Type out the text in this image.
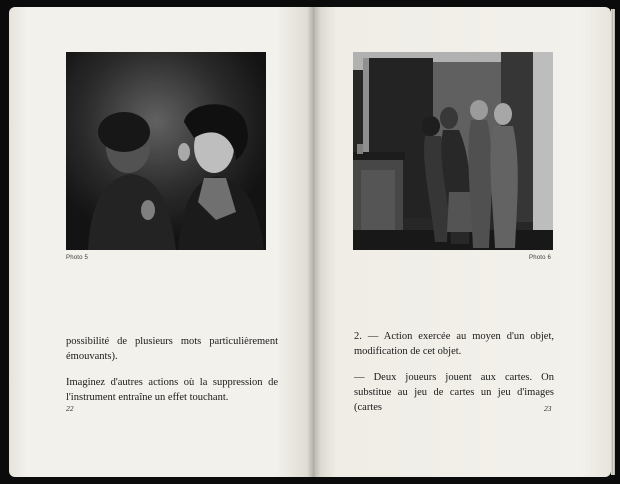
Photo 5

possibilité de plusieurs mots particulièrement émouvants).

Imaginez d'autres actions où la suppression de l'instrument entraîne un effet touchant.

22
Photo 6

2. — Action exercée au moyen d'un objet, modification de cet objet.

— Deux joueurs jouent aux cartes. On substitue au jeu de cartes un jeu d'images (cartes	23
